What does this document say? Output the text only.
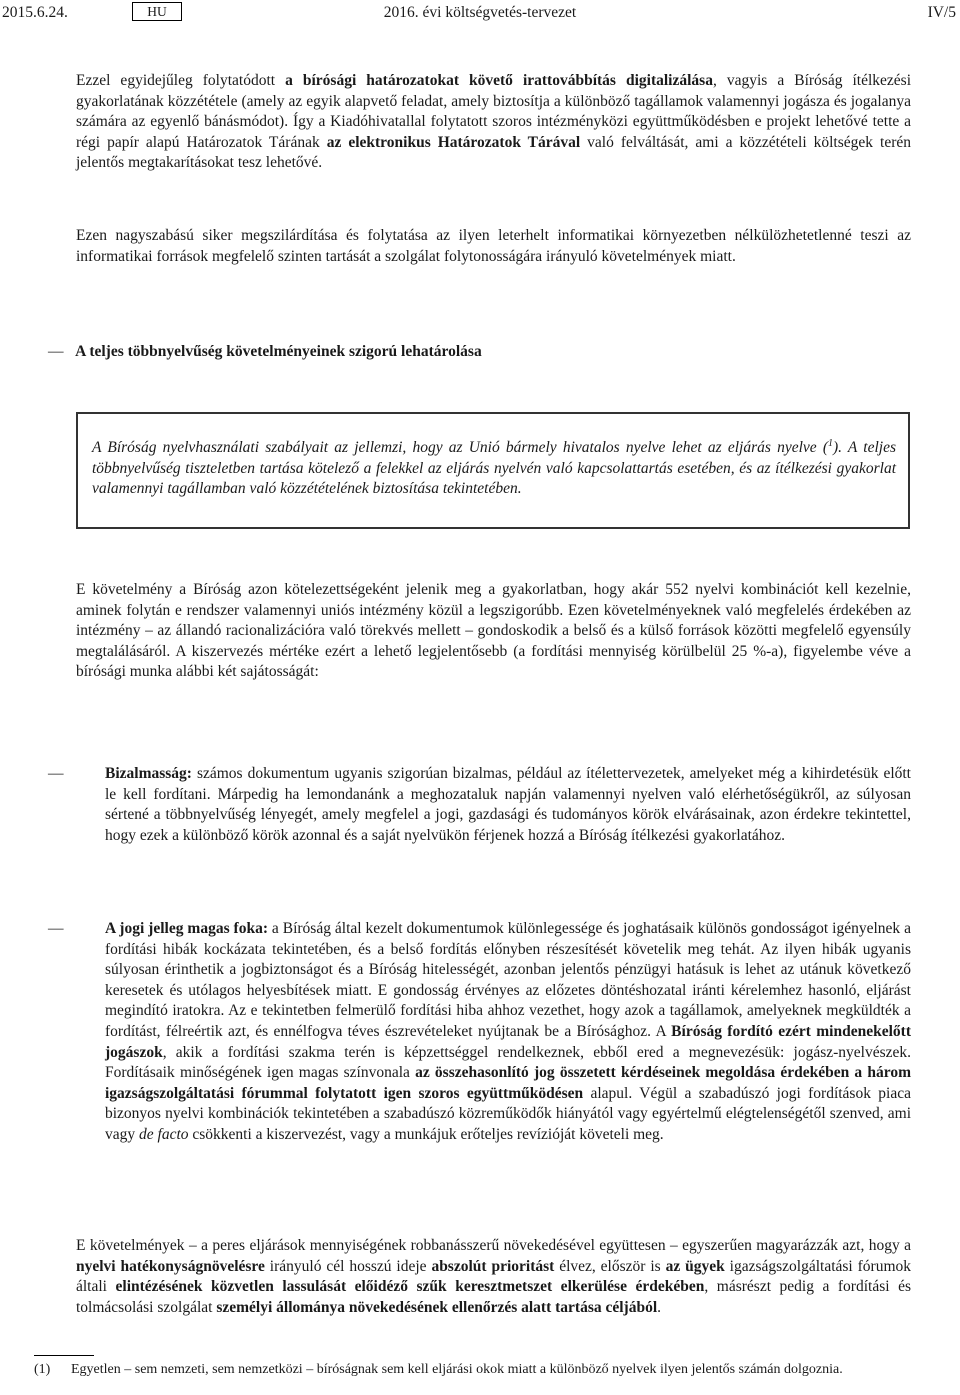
2015.6.24.	HU	2016. évi költségvetés-tervezet	IV/5

Ezzel egyidejűleg folytatódott a bírósági határozatokat követő irattovábbítás digitalizálása, vagyis a Bíróság ítélkezési gyakorlatának közzététele (amely az egyik alapvető feladat, amely biztosítja a különböző tagállamok valamennyi jogásza és jogalanya számára az egyenlő bánásmódot). Így a Kiadóhivatallal folytatott szoros intézményközi együttműködésben e projekt lehetővé tette a régi papír alapú Határozatok Tárának az elektronikus Határozatok Tárával való felváltását, ami a közzétételi költségek terén jelentős megtakarításokat tesz lehetővé.

Ezen nagyszabású siker megszilárdítása és folytatása az ilyen leterhelt informatikai környezetben nélkülözhetetlenné teszi az informatikai források megfelelő szinten tartását a szolgálat folytonosságára irányuló követelmények miatt.

— A teljes többnyelvűség követelményeinek szigorú lehatárolása

A Bíróság nyelvhasználati szabályait az jellemzi, hogy az Unió bármely hivatalos nyelve lehet az eljárás nyelve ($^1$). A teljes többnyelvűség tiszteletben tartása kötelező a felekkel az eljárás nyelvén való kapcsolattartás esetében, és az ítélkezési gyakorlat valamennyi tagállamban való közzétételének biztosítása tekintetében.

E követelmény a Bíróság azon kötelezettségeként jelenik meg a gyakorlatban, hogy akár 552 nyelvi kombinációt kell kezelnie, aminek folytán e rendszer valamennyi uniós intézmény közül a legszigorúbb. Ezen követelményeknek való megfelelés érdekében az intézmény – az állandó racionalizációra való törekvés mellett – gondoskodik a belső és a külső források közötti megfelelő egyensúly megtalálásáról. A kiszervezés mértéke ezért a lehető legjelentősebb (a fordítási mennyiség körülbelül 25 %-a), figyelembe véve a bírósági munka alábbi két sajátosságát:

—	Bizalmasság: számos dokumentum ugyanis szigorúan bizalmas, például az ítélettervezetek, amelyeket még a kihirdetésük előtt le kell fordítani. Márpedig ha lemondanánk a meghozataluk napján valamennyi nyelven való elérhetőségükről, az súlyosan sértené a többnyelvűség lényegét, amely megfelel a jogi, gazdasági és tudományos körök elvárásainak, azon érdekre tekintettel, hogy ezek a különböző körök azonnal és a saját nyelvükön férjenek hozzá a Bíróság ítélkezési gyakorlatához.

—	A jogi jelleg magas foka: a Bíróság által kezelt dokumentumok különlegessége és joghatásaik különös gondosságot igényelnek a fordítási hibák kockázata tekintetében, és a belső fordítás előnyben részesítését követelik meg tehát. Az ilyen hibák ugyanis súlyosan érinthetik a jogbiztonságot és a Bíróság hitelességét, azonban jelentős pénzügyi hatásuk is lehet az utánuk következő keresetek és utólagos helyesbítések miatt. E gondosság érvényes az előzetes döntéshozatal iránti kérelemhez hasonló, eljárást megindító iratokra. Az e tekintetben felmerülő fordítási hiba ahhoz vezethet, hogy azok a tagállamok, amelyeknek megküldték a fordítást, félreértik azt, és ennélfogva téves észrevételeket nyújtanak be a Bírósághoz. A Bíróság fordító ezért mindenekelőtt jogászok, akik a fordítási szakma terén is képzettséggel rendelkeznek, ebből ered a megnevezésük: jogász-nyelvészek. Fordításaik minőségének igen magas színvonala az összehasonlító jog összetett kérdéseinek megoldása érdekében a három igazságszolgáltatási fórummal folytatott igen szoros együttműködésen alapul. Végül a szabadúszó jogi fordítások piaca bizonyos nyelvi kombinációk tekintetében a szabadúszó közreműködők hiányától vagy egyértelmű elégtelenségétől szenved, ami vagy de facto csökkenti a kiszervezést, vagy a munkájuk erőteljes revízióját követeli meg.

E követelmények – a peres eljárások mennyiségének robbanásszerű növekedésével együttesen – egyszerűen magyarázzák azt, hogy a nyelvi hatékonyságnövelésre irányuló cél hosszú ideje abszolút prioritást élvez, először is az ügyek igazságszolgáltatási fórumok általi elintézésének közvetlen lassulását előidéző szűk keresztmetszet elkerülése érdekében, másrészt pedig a fordítási és tolmácsolási szolgálat személyi állománya növekedésének ellenőrzés alatt tartása céljából.

(1)	Egyetlen – sem nemzeti, sem nemzetközi – bíróságnak sem kell eljárási okok miatt a különböző nyelvek ilyen jelentős számán dolgoznia.
